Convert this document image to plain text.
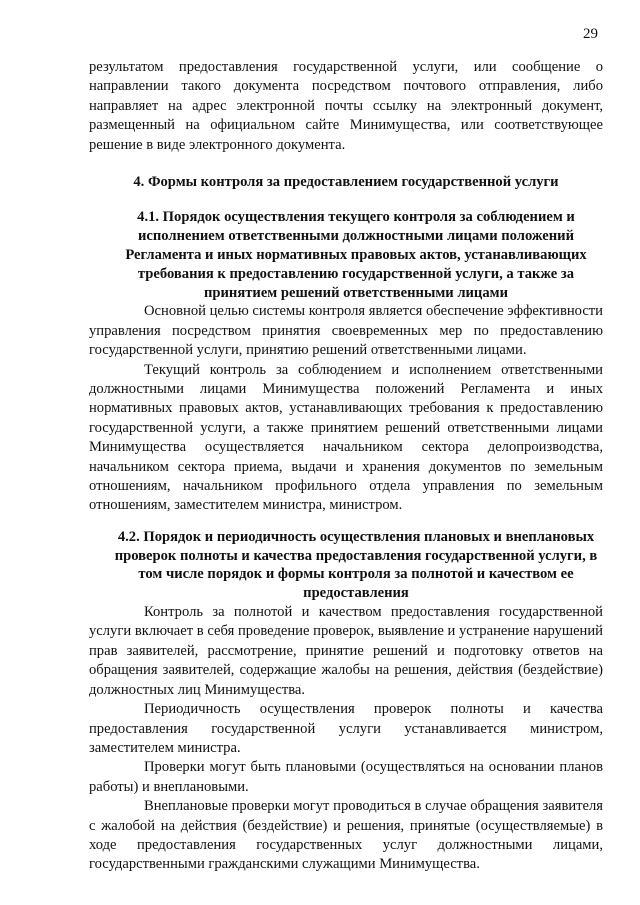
29

результатом предоставления государственной услуги, или сообщение о направлении такого документа посредством почтового отправления, либо направляет на адрес электронной почты ссылку на электронный документ, размещенный на официальном сайте Минимущества, или соответствующее решение в виде электронного документа.

4. Формы контроля за предоставлением государственной услуги
4.1. Порядок осуществления текущего контроля за соблюдением и исполнением ответственными должностными лицами положений Регламента и иных нормативных правовых актов, устанавливающих требования к предоставлению государственной услуги, а также за принятием решений ответственными лицами

Основной целью системы контроля является обеспечение эффективности управления посредством принятия своевременных мер по предоставлению государственной услуги, принятию решений ответственными лицами.

Текущий контроль за соблюдением и исполнением ответственными должностными лицами Минимущества положений Регламента и иных нормативных правовых актов, устанавливающих требования к предоставлению государственной услуги, а также принятием решений ответственными лицами Минимущества осуществляется начальником сектора делопроизводства, начальником сектора приема, выдачи и хранения документов по земельным отношениям, начальником профильного отдела управления по земельным отношениям, заместителем министра, министром.

4.2. Порядок и периодичность осуществления плановых и внеплановых проверок полноты и качества предоставления государственной услуги, в том числе порядок и формы контроля за полнотой и качеством ее предоставления

Контроль за полнотой и качеством предоставления государственной услуги включает в себя проведение проверок, выявление и устранение нарушений прав заявителей, рассмотрение, принятие решений и подготовку ответов на обращения заявителей, содержащие жалобы на решения, действия (бездействие) должностных лиц Минимущества.

Периодичность осуществления проверок полноты и качества предоставления государственной услуги устанавливается министром, заместителем министра.

Проверки могут быть плановыми (осуществляться на основании планов работы) и внеплановыми.

Внеплановые проверки могут проводиться в случае обращения заявителя с жалобой на действия (бездействие) и решения, принятые (осуществляемые) в ходе предоставления государственных услуг должностными лицами, государственными гражданскими служащими Минимущества.
